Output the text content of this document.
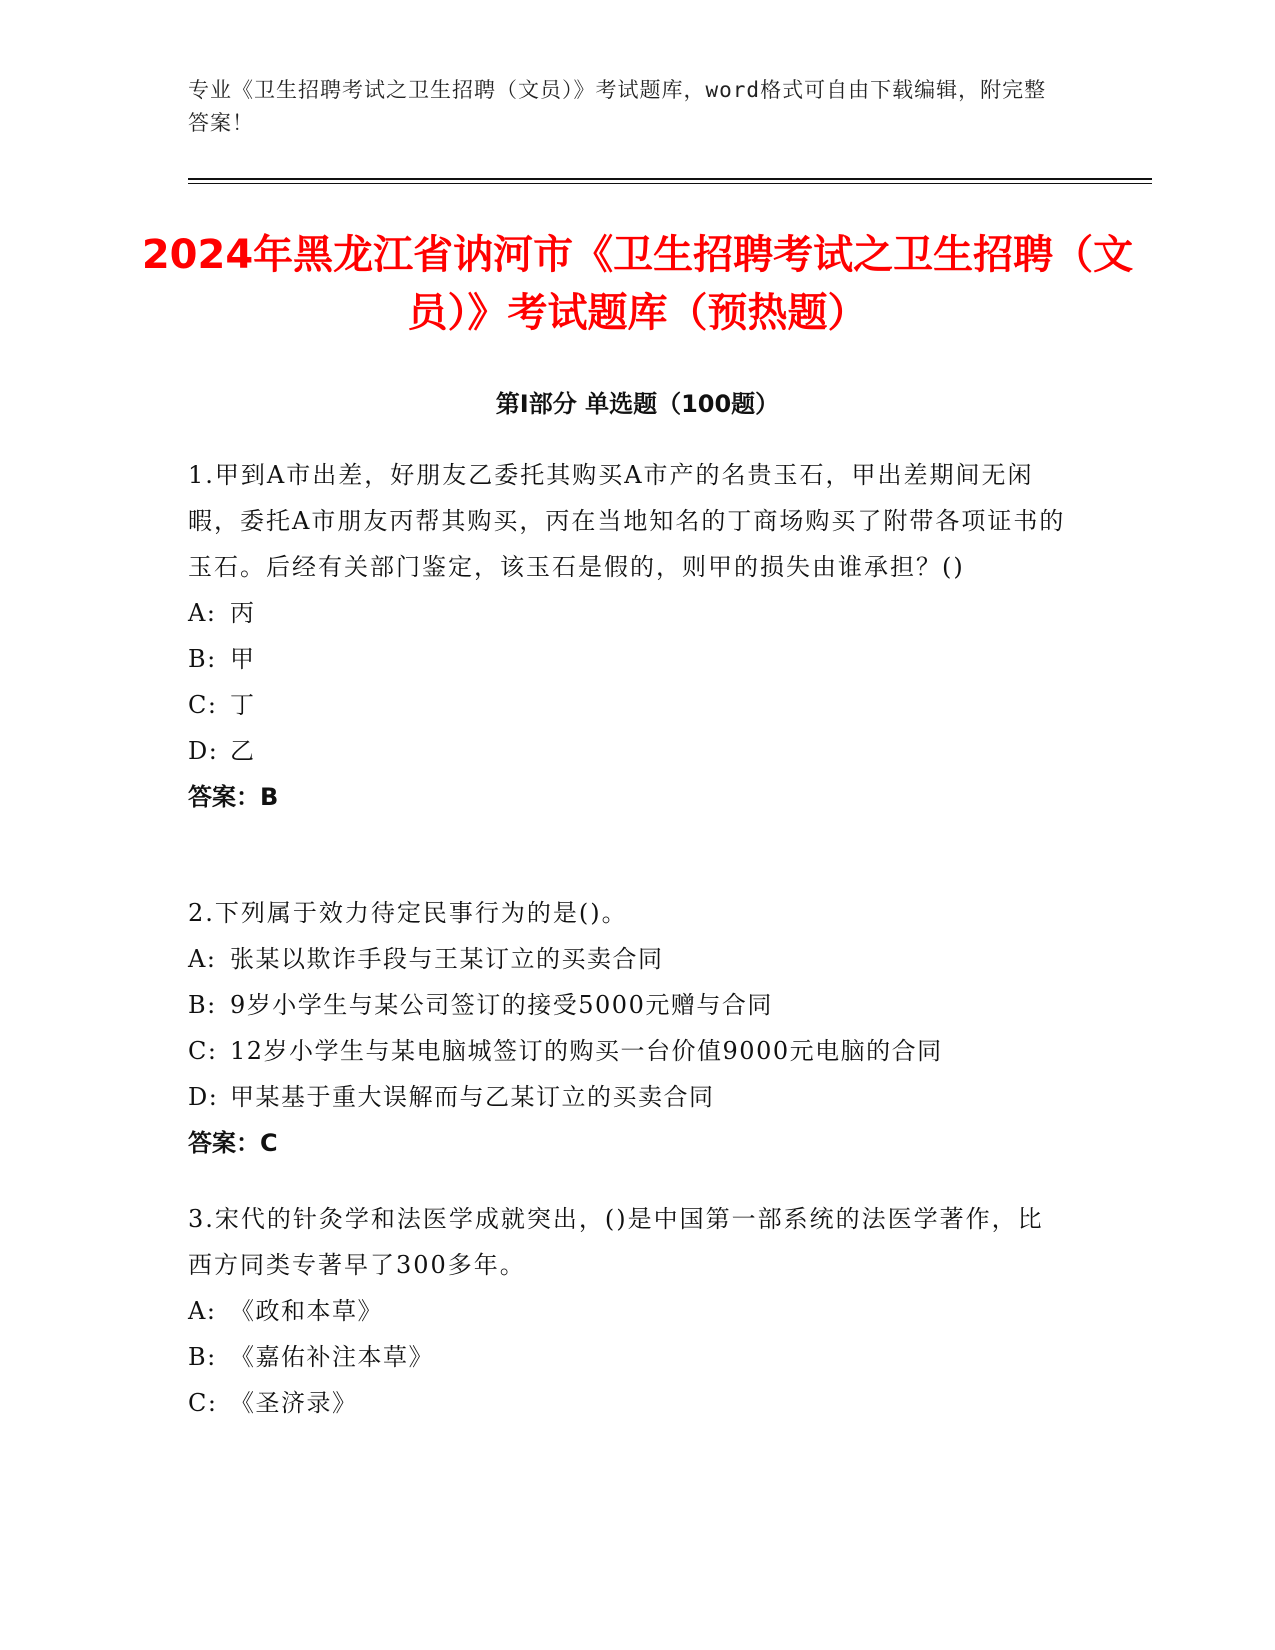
专业《卫生招聘考试之卫生招聘（文员）》考试题库，word格式可自由下载编辑，附完整答案！
2024年黑龙江省讷河市《卫生招聘考试之卫生招聘（文员）》考试题库（预热题）
第Ⅰ部分 单选题（100题）
1.甲到A市出差，好朋友乙委托其购买A市产的名贵玉石，甲出差期间无闲暇，委托A市朋友丙帮其购买，丙在当地知名的丁商场购买了附带各项证书的玉石。后经有关部门鉴定，该玉石是假的，则甲的损失由谁承担？()
A: 丙
B: 甲
C: 丁
D: 乙
答案：B
2.下列属于效力待定民事行为的是()。
A: 张某以欺诈手段与王某订立的买卖合同
B: 9岁小学生与某公司签订的接受5000元赠与合同
C: 12岁小学生与某电脑城签订的购买一台价值9000元电脑的合同
D: 甲某基于重大误解而与乙某订立的买卖合同
答案：C
3.宋代的针灸学和法医学成就突出，()是中国第一部系统的法医学著作，比西方同类专著早了300多年。
A: 《政和本草》
B: 《嘉佑补注本草》
C: 《圣济录》
